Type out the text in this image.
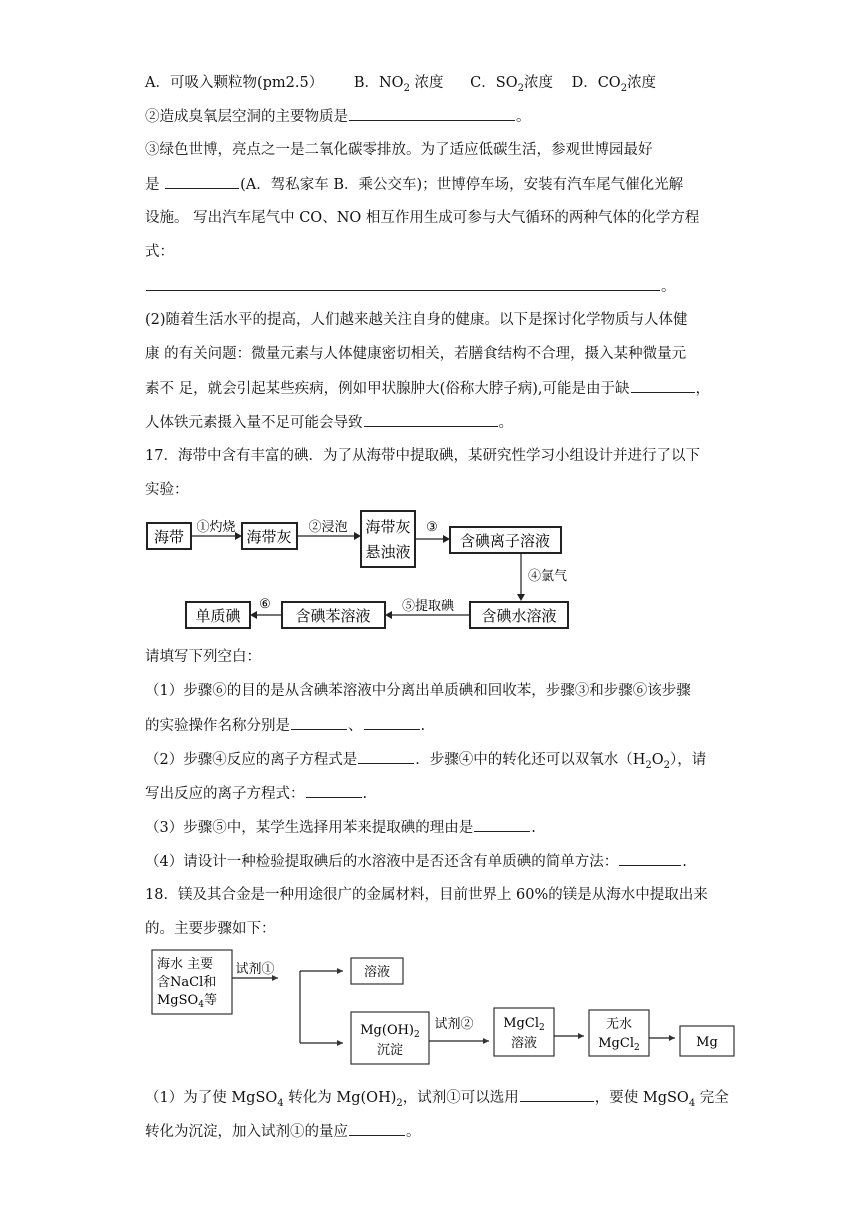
A．可吸入颗粒物(pm2.5） B．$NO_2$ 浓度 C．$SO_2$浓度 D．$CO_2$浓度
②造成臭氧层空洞的主要物质是	。
③绿色世博，亮点之一是二氧化碳零排放。为了适应低碳生活，参观世博园最好
是	(A．驾私家车 B．乘公交车)；世博停车场，安装有汽车尾气催化光解
设施。 写出汽车尾气中 CO、NO 相互作用生成可参与大气循环的两种气体的化学方程
式：
。
(2)随着生活水平的提高，人们越来越关注自身的健康。以下是探讨化学物质与人体健
康 的有关问题：微量元素与人体健康密切相关，若膳食结构不合理，摄入某种微量元
素不 足，就会引起某些疾病，例如甲状腺肿大(俗称大脖子病),可能是由于缺	，
人体铁元素摄入量不足可能会导致	。
17．海带中含有丰富的碘．为了从海带中提取碘，某研究性学习小组设计并进行了以下
实验：
海带
①灼烧
海带灰
②浸泡 海带灰
悬浊液
③
含碘离子溶液
④氯气
含碘水溶液
⑤提取碘
含碘苯溶液
⑥
单质碘
请填写下列空白：
（1）步骤⑥的目的是从含碘苯溶液中分离出单质碘和回收苯，步骤③和步骤⑥该步骤
的实验操作名称分别是	、	.
（2）步骤④反应的离子方程式是	．步骤④中的转化还可以双氧水$(H_2O_2)$，请
写出反应的离子方程式：	.
（3）步骤⑤中，某学生选择用苯来提取碘的理由是	.
（4）请设计一种检验提取碘后的水溶液中是否还含有单质碘的简单方法：	.
18．镁及其合金是一种用途很广的金属材料，目前世界上 60%的镁是从海水中提取出来
的。主要步骤如下：
海水 主要
含NaCl和
MgSO$_4$等
试剂①	溶液
$Mg(OH)_2$
沉淀
试剂② MgCl$_2$
溶液
无水
MgCl$_2$	Mg
（1）为了使 MgSO$_4$ 转化为 $Mg(OH)_2$，试剂①可以选用	，要使 MgSO$_4$ 完全
转化为沉淀，加入试剂①的量应	。
